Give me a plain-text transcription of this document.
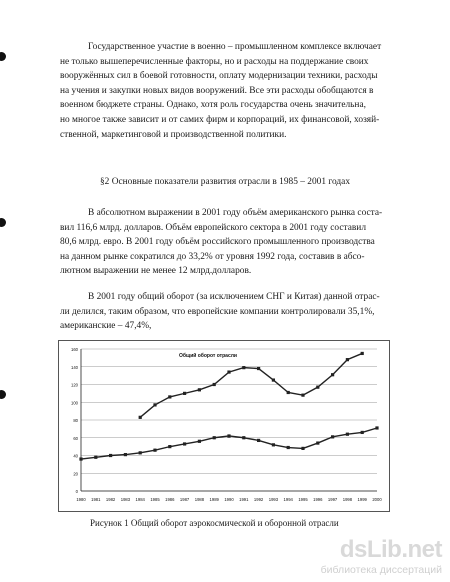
Государственное участие в военно – промышленном комплексе включает
не только вышеперечисленные факторы, но и расходы на поддержание своих
вооружённых сил в боевой готовности, оплату модернизации техники, расходы
на учения и закупки новых видов вооружений. Все эти расходы обобщаются в
военном бюджете страны. Однако, хотя роль государства очень значительна,
но многое также зависит и от самих фирм и корпораций, их финансовой, хозяй-
ственной, маркетинговой и производственной политики.
§2 Основные показатели развития отрасли в 1985 – 2001 годах
В абсолютном выражении в 2001 году объём американского рынка соста-
вил 116,6 млрд. долларов. Объём европейского сектора в 2001 году составил
80,6 млрд. евро. В 2001 году объём российского промышленного производства
на данном рынке сократился до 33,2% от уровня 1992 года, составив в абсо-
лютном выражении не менее 12 млрд.долларов.
В 2001 году общий оборот (за исключением СНГ и Китая) данной отрас-
ли делился, таким образом, что европейские компании контролировали 35,1%,
американские – 47,4%,
0
20
40
60
80
100
120
140
160
1980 1981 1982 1983 1984 1985 1986 1987 1988 1989 1990 1991 1992 1993 1994 1995 1996 1997 1998 1999 2000
Общий оборот отрасли
Рисунок 1 Общий оборот аэрокосмической и оборонной отрасли
dsLib.net
библиотека диссертаций
